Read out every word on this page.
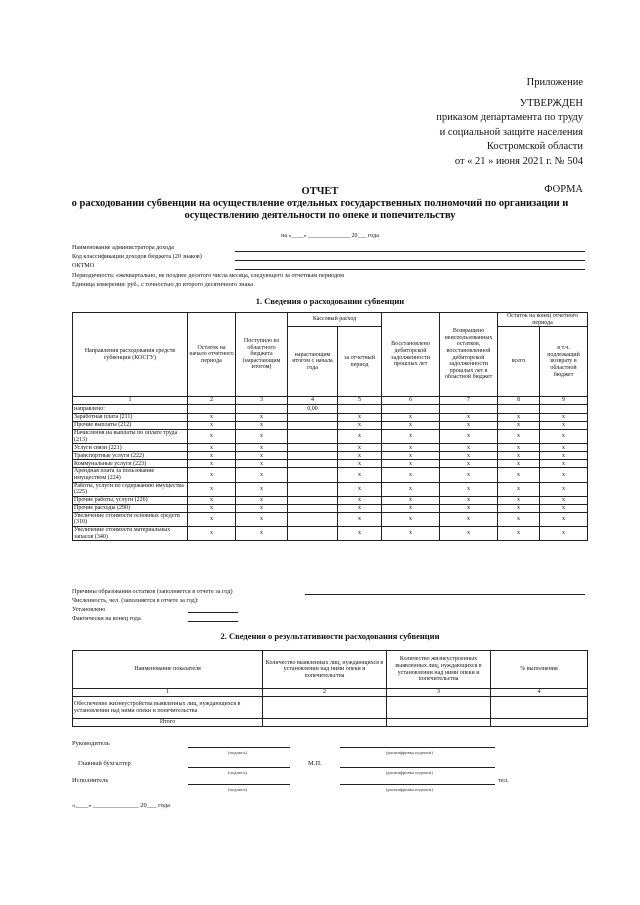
Приложение
УТВЕРЖДЕН
приказом департамента по труду
и социальной защите населения
Костромской области
от « 21 » июня 2021 г. № 504
ФОРМА
ОТЧЕТ
о расходовании субвенции на осуществление отдельных государственных полномочий по организации и
осуществлению деятельности по опеке и попечительству
на «____» ______________ 20___ года
Наименование администратора дохода
Код классификации доходов бюджета (20 знаков)
ОКТМО
Периодичность: ежеквартально, не позднее десятого числа месяца, следующего за отчетным периодом
Единица измерения: руб., с точностью до второго десятичного знака
1. Сведения о расходовании субвенции
Направления расходования средств субвенции (КОСГУ)	Остаток на начало отчетного периода	Поступило из областного бюджета (нарастающим итогом)	Кассовый расход		Восстановлено дебиторской задолженности прошлых лет	Возвращено неиспользованных остатков, восстановленной дебиторской задолженности прошлых лет в областной бюджет	Остаток на конец отчетного периода	
			нарастающим итогом с начала года	за отчетный период			всего	в т.ч. подлежащий возврату в областной бюджет
1	2	3	4	5	6	7	8	9
направлено:			0,00					
Заработная плата (211)	x	x		x	x	x	x	x
Прочие выплаты (212)	x	x		x	x	x	x	x
Начисления на выплаты по оплате труда (213)	x	x		x	x	x	x	x
Услуги связи (221)	x	x		x	x	x	x	x
Транспортные услуги (222)	x	x		x	x	x	x	x
Коммунальные услуги (223)	x	x		x	x	x	x	x
Арендная плата за пользование имуществом (224)	x	x		x	x	x	x	x
Работы, услуги по содержанию имущества (225)	x	x		x	x	x	x	x
Прочие работы, услуги (226)	x	x		x	x	x	x	x
Прочие расходы (290)	x	x		x	x	x	x	x
Увеличение стоимости основных средств (310)	x	x		x	x	x	x	x
Увеличение стоимости материальных запасов (340)	x	x		x	x	x	x	x
Причины образования остатков (заполняется в отчете за год)
Численность, чел. (заполняется в отчете за год):
Установлено
Фактически на конец года
2. Сведения о результативности расходования субвенции
Наименование показателя	Количество выявленных лиц, нуждающихся в установлении над ними опеки и попечительства	Количество жизнеустроенных выявленных лиц, нуждающихся в установлении над ними опеки и попечительства	% выполнения
1	2	3	4
Обеспечение жизнеустройства выявленных лиц, нуждающихся в установлении над ними опеки и попечительства			
Итого			
Руководитель
(подпись)	(расшифровка подписи)
Главный бухгалтер
(подпись)
М.П.
(расшифровка подписи)
Исполнитель
(подпись)	(расшифровка подписи)
тел.
«____» ______________ 20___ года
